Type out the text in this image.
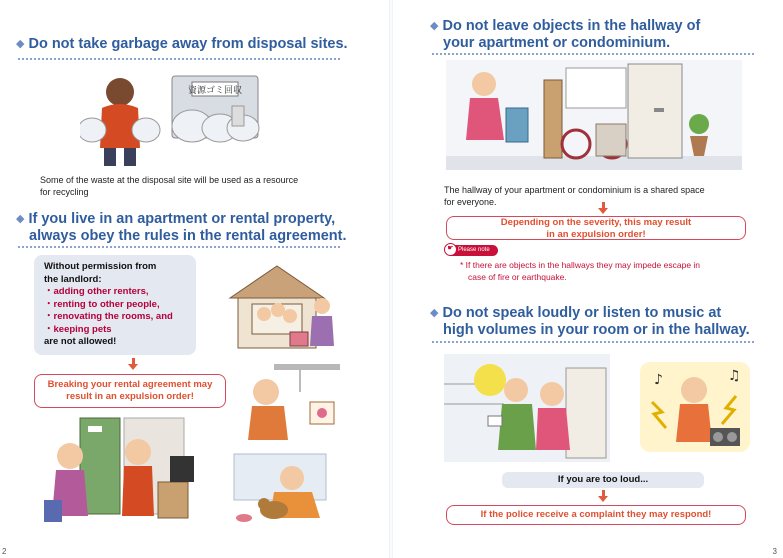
◆ Do not take garbage away from disposal sites.
資源ゴミ回収
Some of the waste at the disposal site will be used as a resource
for recycling
◆ If you live in an apartment or rental property,
always obey the rules in the rental agreement.
Without permission from
the landlord:
・ adding other renters,
・ renting to other people,
・ renovating the rooms, and
・ keeping pets
are not allowed!
Breaking your rental agreement may
result in an expulsion order!
2
◆ Do not leave objects in the hallway of
your apartment or condominium.
The hallway of your apartment or condominium is a shared space
for everyone.
Depending on the severity, this may result
in an expulsion order!
☛ Please note
* If there are objects in the hallways they may impede escape in
case of fire or earthquake.
◆ Do not speak loudly or listen to music at
high volumes in your room or in the hallway.
♪	♫
If you are too loud...
If the police receive a complaint they may respond!
3
